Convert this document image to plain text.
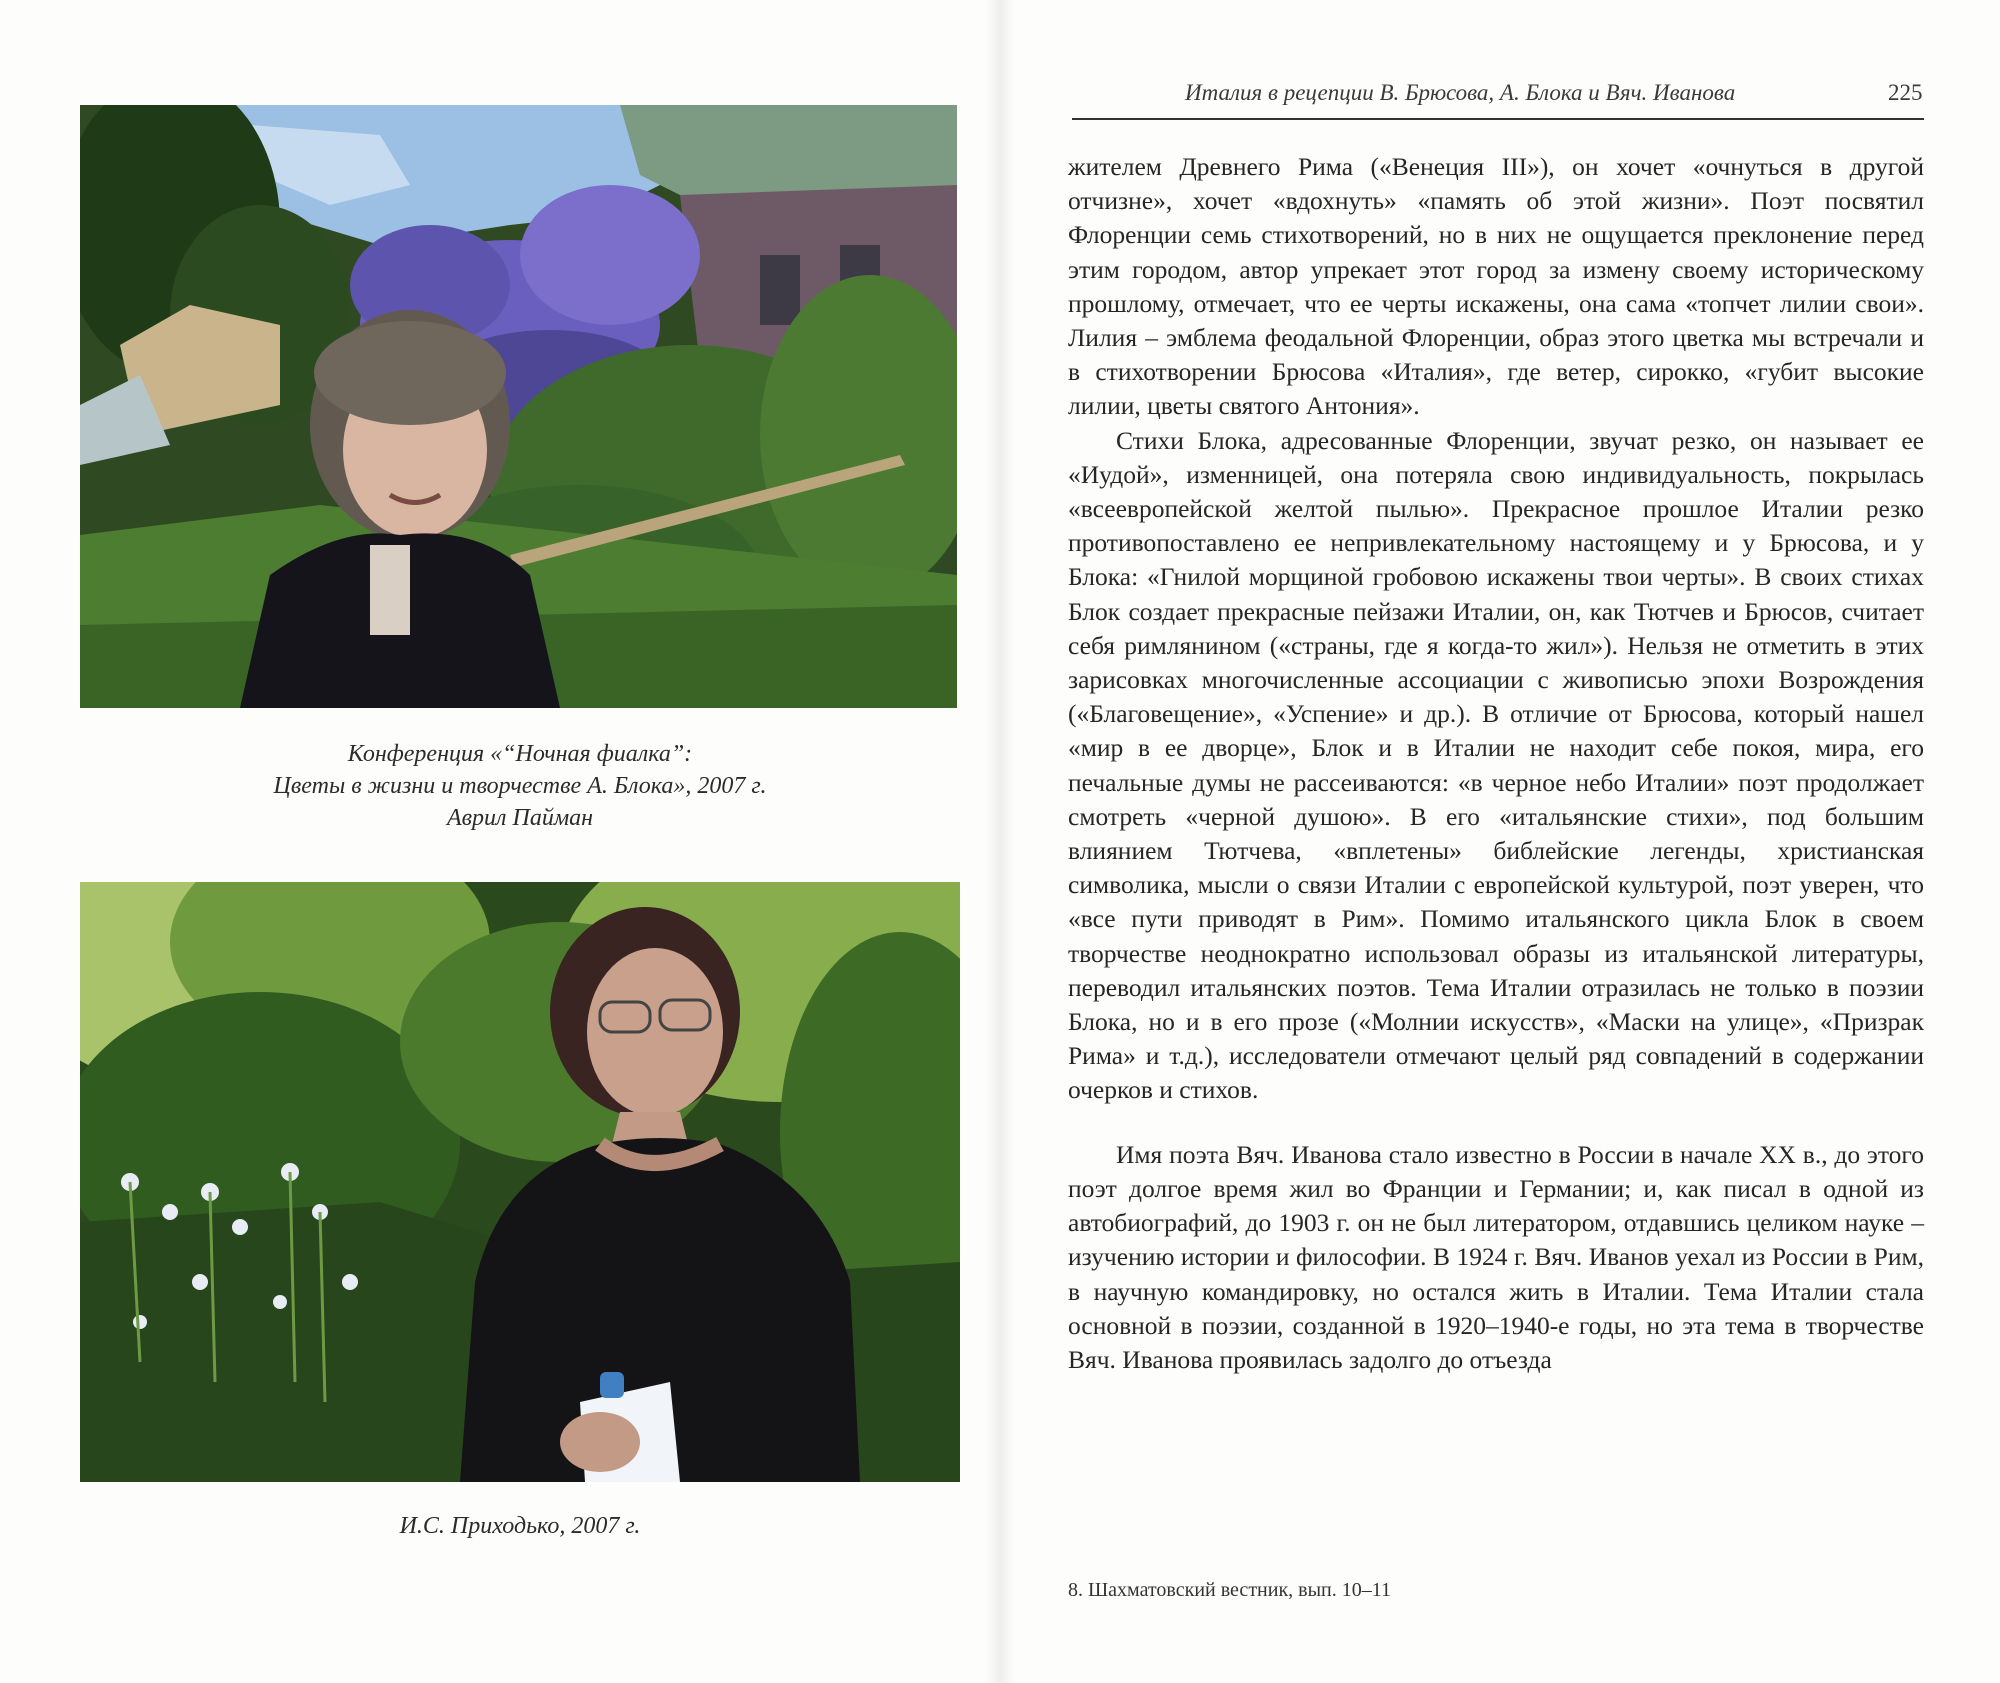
Конференция «“Ночная фиалка”:
Цветы в жизни и творчестве А. Блока», 2007 г.
Аврил Пайман
И.С. Приходько, 2007 г.
Италия в рецепции В. Брюсова, А. Блока и Вяч. Иванова	225

жителем Древнего Рима («Венеция III»), он хочет «очнуться в другой отчизне», хочет «вдохнуть» «память об этой жизни». Поэт посвятил Флоренции семь стихотворений, но в них не ощущается преклонение перед этим городом, автор упрекает этот город за измену своему историческому прошлому, отмечает, что ее черты искажены, она сама «топчет лилии свои». Лилия – эмблема феодальной Флоренции, образ этого цветка мы встречали и в стихотворении Брюсова «Италия», где ветер, сирокко, «губит высокие лилии, цветы святого Антония».

Стихи Блока, адресованные Флоренции, звучат резко, он называет ее «Иудой», изменницей, она потеряла свою индивидуальность, покрылась «всеевропейской желтой пылью». Прекрасное прошлое Италии резко противопоставлено ее непривлекательному настоящему и у Брюсова, и у Блока: «Гнилой морщиной гробовою искажены твои черты». В своих стихах Блок создает прекрасные пейзажи Италии, он, как Тютчев и Брюсов, считает себя римлянином («страны, где я когда-то жил»). Нельзя не отметить в этих зарисовках многочисленные ассоциации с живописью эпохи Возрождения («Благовещение», «Успение» и др.). В отличие от Брюсова, который нашел «мир в ее дворце», Блок и в Италии не находит себе покоя, мира, его печальные думы не рассеиваются: «в черное небо Италии» поэт продолжает смотреть «черной душою». В его «итальянские стихи», под большим влиянием Тютчева, «вплетены» библейские легенды, христианская символика, мысли о связи Италии с европейской культурой, поэт уверен, что «все пути приводят в Рим». Помимо итальянского цикла Блок в своем творчестве неоднократно использовал образы из итальянской литературы, переводил итальянских поэтов. Тема Италии отразилась не только в поэзии Блока, но и в его прозе («Молнии искусств», «Маски на улице», «Призрак Рима» и т.д.), исследователи отмечают целый ряд совпадений в содержании очерков и стихов.

Имя поэта Вяч. Иванова стало известно в России в начале XX в., до этого поэт долгое время жил во Франции и Германии; и, как писал в одной из автобиографий, до 1903 г. он не был литератором, отдавшись целиком науке – изучению истории и философии. В 1924 г. Вяч. Иванов уехал из России в Рим, в научную командировку, но остался жить в Италии. Тема Италии стала основной в поэзии, созданной в 1920–1940-е годы, но эта тема в творчестве Вяч. Иванова проявилась задолго до отъезда

8. Шахматовский вестник, вып. 10–11
